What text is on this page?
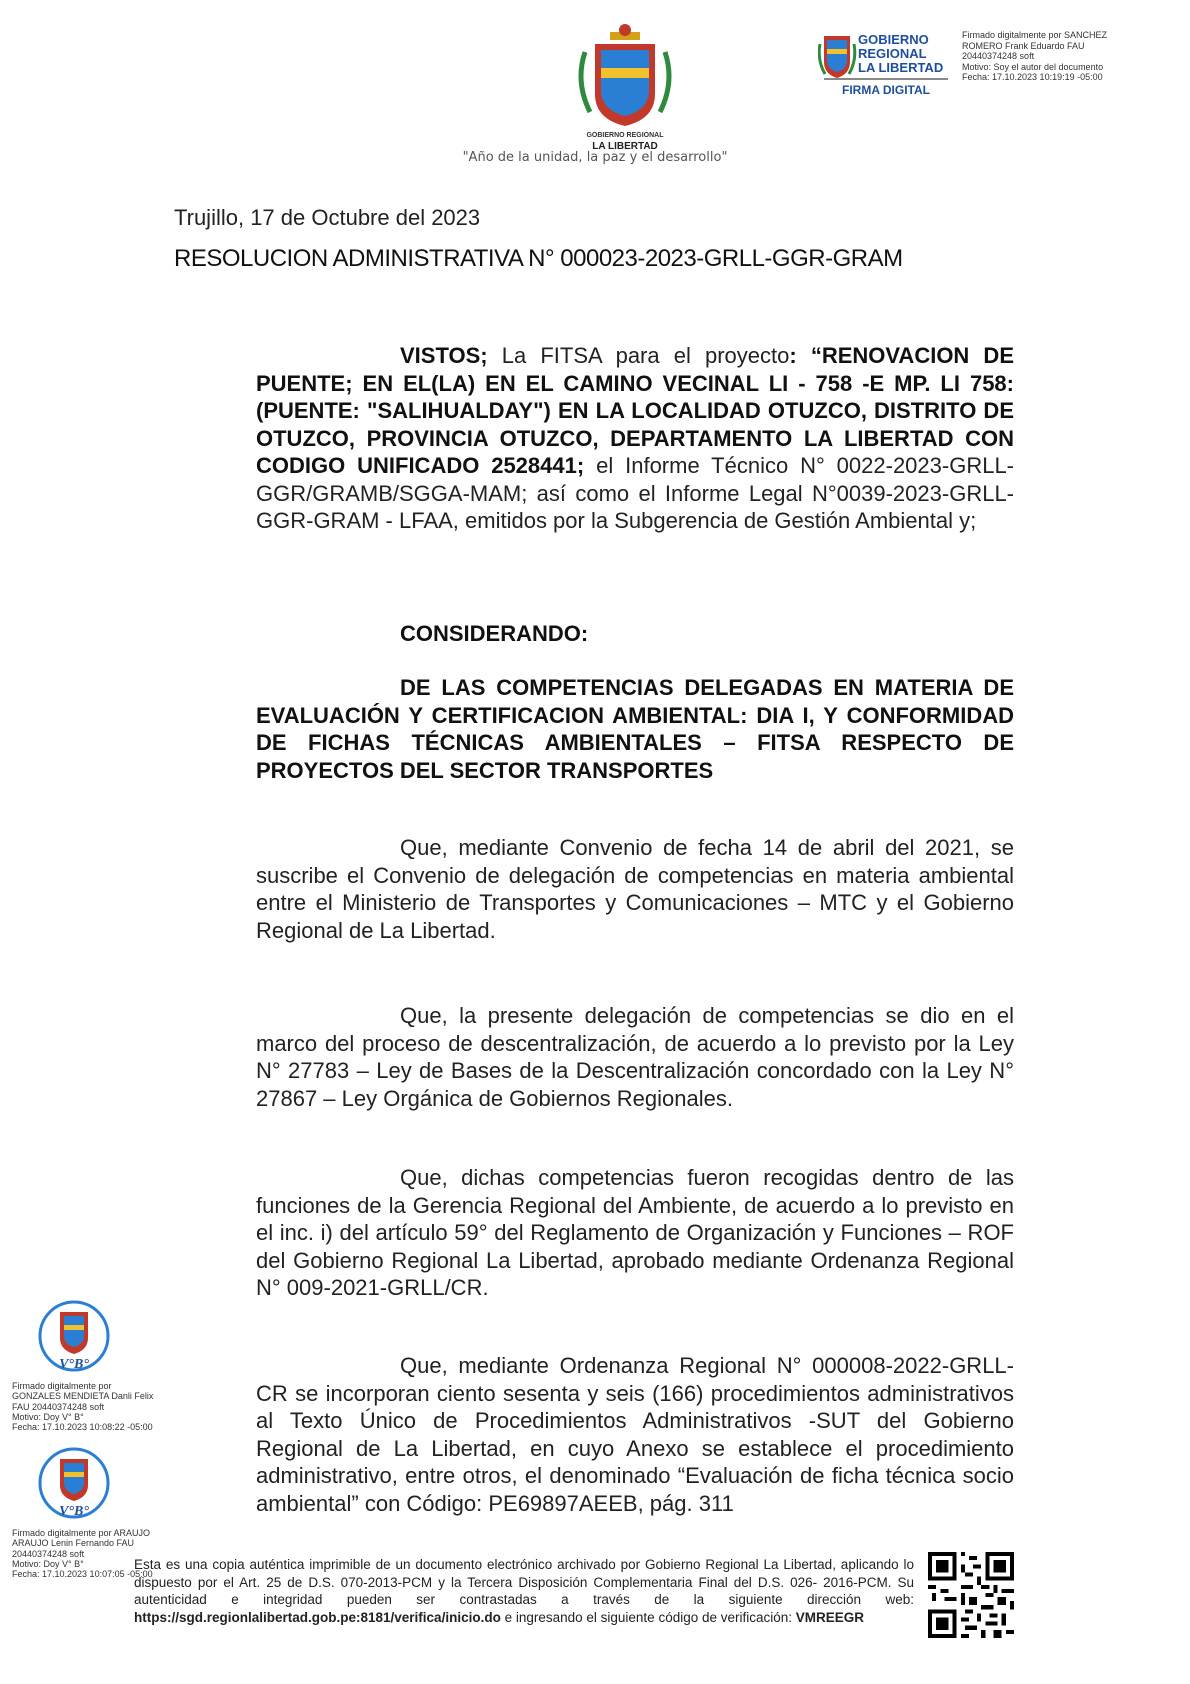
GOBIERNO REGIONAL
LA LIBERTAD
"Año de la unidad, la paz y el desarrollo"
GOBIERNO
REGIONAL
LA LIBERTAD
FIRMA DIGITAL
Firmado digitalmente por SANCHEZ
ROMERO Frank Eduardo FAU
20440374248 soft
Motivo: Soy el autor del documento
Fecha: 17.10.2023 10:19:19 -05:00
Trujillo, 17 de Octubre del 2023
RESOLUCION ADMINISTRATIVA N° 000023-2023-GRLL-GGR-GRAM
VISTOS; La FITSA para el proyecto: “RENOVACION DE PUENTE; EN EL(LA) EN EL CAMINO VECINAL LI - 758 -E MP. LI 758: (PUENTE: "SALIHUALDAY") EN LA LOCALIDAD OTUZCO, DISTRITO DE OTUZCO, PROVINCIA OTUZCO, DEPARTAMENTO LA LIBERTAD CON CODIGO UNIFICADO 2528441; el Informe Técnico N° 0022-2023-GRLL-GGR/GRAMB/SGGA-MAM; así como el Informe Legal N°0039-2023-GRLL-GGR-GRAM - LFAA, emitidos por la Subgerencia de Gestión Ambiental y;
CONSIDERANDO:
DE LAS COMPETENCIAS DELEGADAS EN MATERIA DE EVALUACIÓN Y CERTIFICACION AMBIENTAL: DIA I, Y CONFORMIDAD DE FICHAS TÉCNICAS AMBIENTALES – FITSA RESPECTO DE PROYECTOS DEL SECTOR TRANSPORTES
Que, mediante Convenio de fecha 14 de abril del 2021, se suscribe el Convenio de delegación de competencias en materia ambiental entre el Ministerio de Transportes y Comunicaciones – MTC y el Gobierno Regional de La Libertad.
Que, la presente delegación de competencias se dio en el marco del proceso de descentralización, de acuerdo a lo previsto por la Ley N° 27783 – Ley de Bases de la Descentralización concordado con la Ley N° 27867 – Ley Orgánica de Gobiernos Regionales.
Que, dichas competencias fueron recogidas dentro de las funciones de la Gerencia Regional del Ambiente, de acuerdo a lo previsto en el inc. i) del artículo 59° del Reglamento de Organización y Funciones – ROF del Gobierno Regional La Libertad, aprobado mediante Ordenanza Regional N° 009-2021-GRLL/CR.
Que, mediante Ordenanza Regional N° 000008-2022-GRLL-CR se incorporan ciento sesenta y seis (166) procedimientos administrativos al Texto Único de Procedimientos Administrativos -SUT del Gobierno Regional de La Libertad, en cuyo Anexo se establece el procedimiento administrativo, entre otros, el denominado “Evaluación de ficha técnica socio ambiental” con Código: PE69897AEEB, pág. 311
V°B°
Firmado digitalmente por
GONZALES MENDIETA Danli Felix
FAU 20440374248 soft
Motivo: Doy V° B°
Fecha: 17.10.2023 10:08:22 -05:00
V°B°
Firmado digitalmente por ARAUJO
ARAUJO Lenin Fernando FAU
20440374248 soft
Motivo: Doy V° B°
Fecha: 17.10.2023 10:07:05 -05:00
Esta es una copia auténtica imprimible de un documento electrónico archivado por Gobierno Regional La Libertad, aplicando lo dispuesto por el Art. 25 de D.S. 070-2013-PCM y la Tercera Disposición Complementaria Final del D.S. 026- 2016-PCM. Su autenticidad e integridad pueden ser contrastadas a través de la siguiente dirección web: https://sgd.regionlalibertad.gob.pe:8181/verifica/inicio.do e ingresando el siguiente código de verificación: VMREEGR
